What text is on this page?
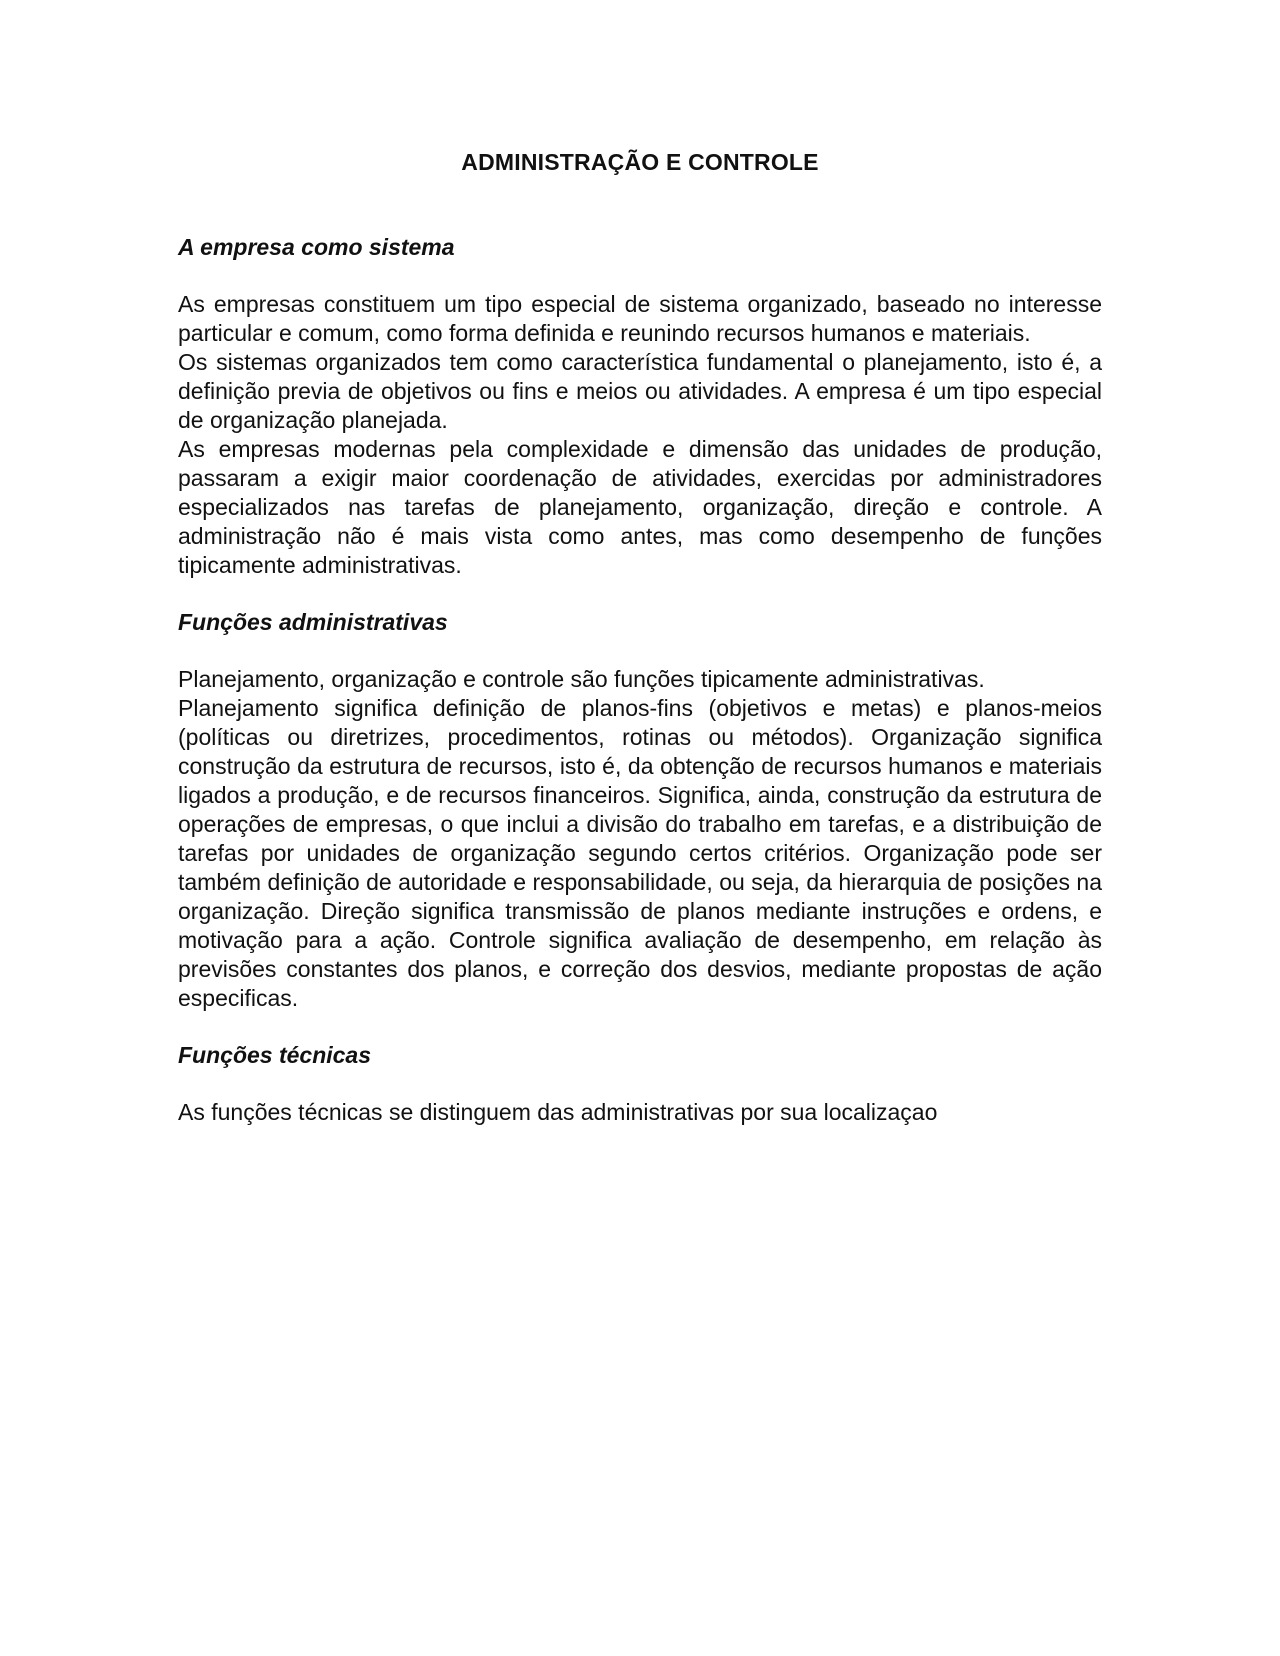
ADMINISTRAÇÃO E CONTROLE
A empresa como sistema

As empresas constituem um tipo especial de sistema organizado, baseado no interesse particular e comum, como forma definida e reunindo recursos humanos e materiais.

Os sistemas organizados tem como característica fundamental o planejamento, isto é, a definição previa de objetivos ou fins e meios ou atividades. A empresa é um tipo especial de organização planejada.

As empresas modernas pela complexidade e dimensão das unidades de produção, passaram a exigir maior coordenação de atividades, exercidas por administradores especializados nas tarefas de planejamento, organização, direção e controle. A administração não é mais vista como antes, mas como desempenho de funções tipicamente administrativas.

Funções administrativas

Planejamento, organização e controle são funções tipicamente administrativas.

Planejamento significa definição de planos-fins (objetivos e metas) e planos-meios (políticas ou diretrizes, procedimentos, rotinas ou métodos). Organização significa construção da estrutura de recursos, isto é, da obtenção de recursos humanos e materiais ligados a produção, e de recursos financeiros. Significa, ainda, construção da estrutura de operações de empresas, o que inclui a divisão do trabalho em tarefas, e a distribuição de tarefas por unidades de organização segundo certos critérios. Organização pode ser também definição de autoridade e responsabilidade, ou seja, da hierarquia de posições na organização. Direção significa transmissão de planos mediante instruções e ordens, e motivação para a ação. Controle significa avaliação de desempenho, em relação às previsões constantes dos planos, e correção dos desvios, mediante propostas de ação especificas.

Funções técnicas

As funções técnicas se distinguem das administrativas por sua localizaçao
